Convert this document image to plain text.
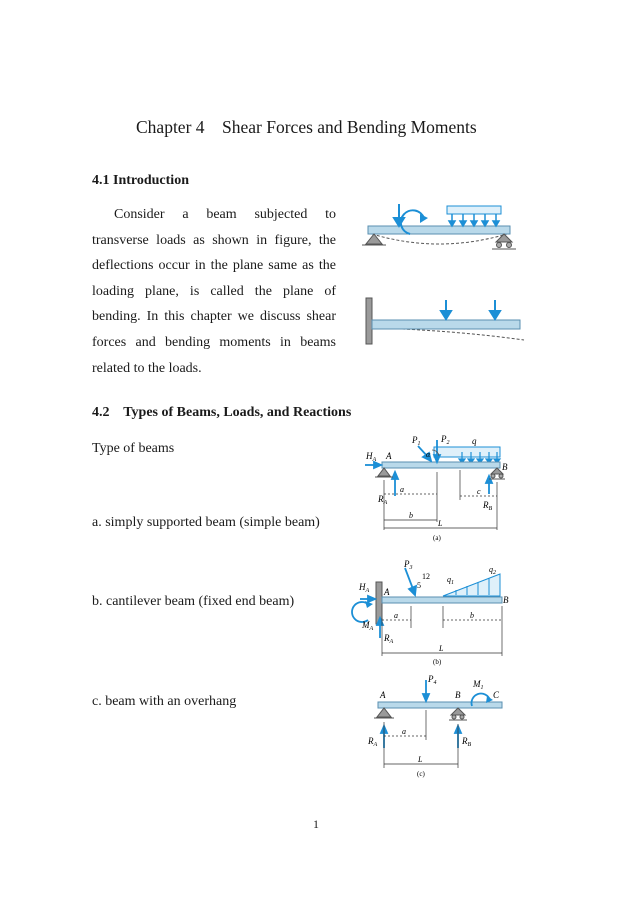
Chapter 4 Shear Forces and Bending Moments
4.1 Introduction

Consider a beam subjected to transverse loads as shown in figure, the deflections occur in the plane same as the loading plane, is called the plane of bending. In this chapter we discuss shear forces and bending moments in beams related to the loads.

4.2    Types of Beams, Loads, and Reactions
Type of beams
a. simply supported beam (simple beam)
b. cantilever beam (fixed end beam)
c. beam with an overhang
$H_A$ A
$P_1$
α
$P_2$	q
B
$R_A$	$R_B$
a
b
c
L
(a)
$P_3$
12
5
$q_1$
$q_2$
$H_A$ A
B
$M_A$
$R_A$
a	b
L
(b)
$P_4$	$M_1$
A	B	C
$R_A$	$R_B$
a
L
(c)
1
